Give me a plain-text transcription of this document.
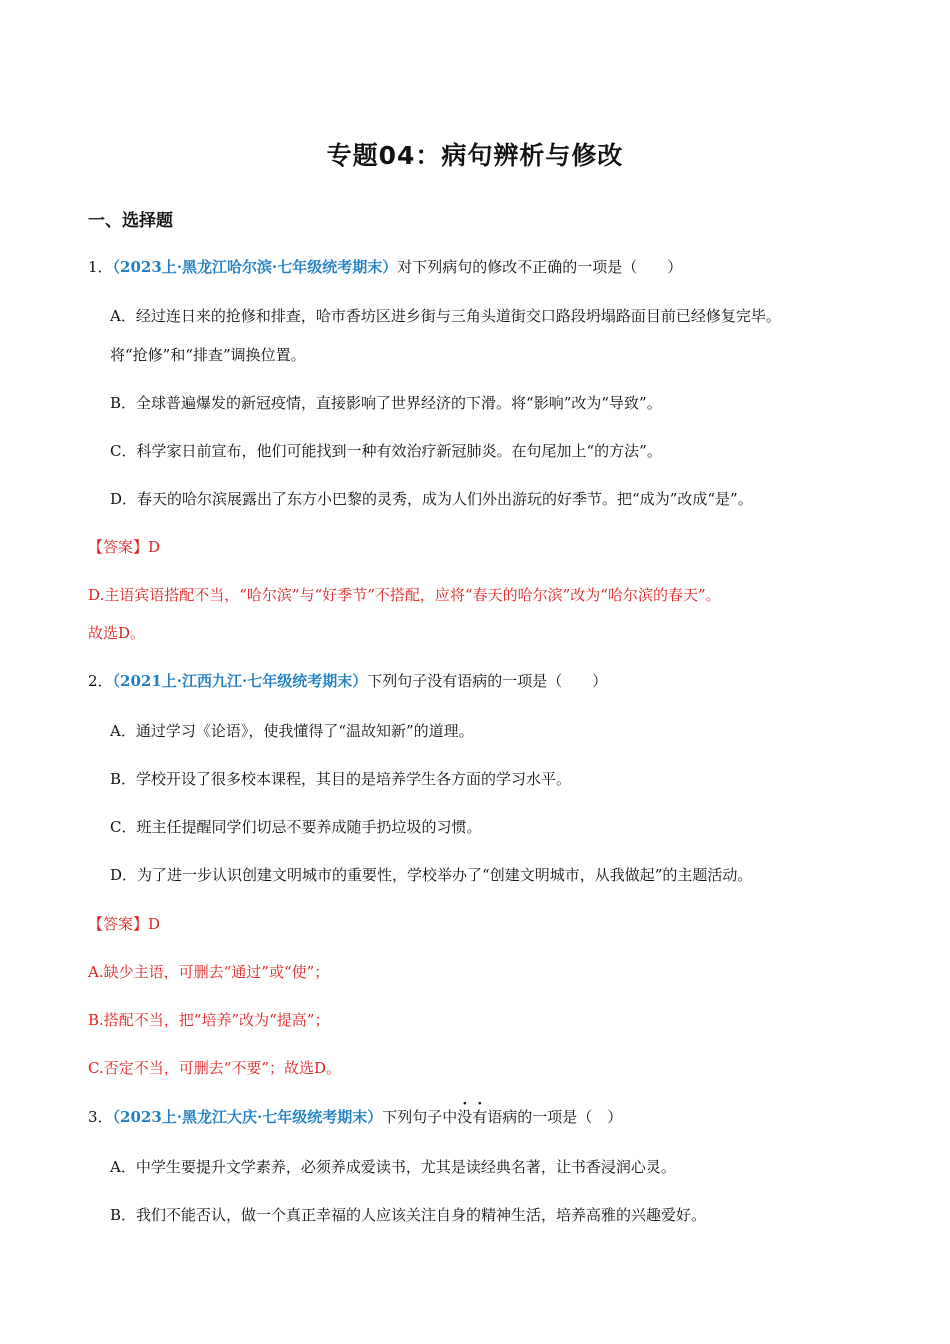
专题04：病句辨析与修改
一、选择题
1．（2023上·黑龙江哈尔滨·七年级统考期末）对下列病句的修改不正确的一项是（　　）
A．经过连日来的抢修和排查，哈市香坊区进乡街与三角头道街交口路段坍塌路面目前已经修复完毕。
将“抢修”和“排查”调换位置。
B．全球普遍爆发的新冠疫情，直接影响了世界经济的下滑。将“影响”改为“导致”。
C．科学家日前宣布，他们可能找到一种有效治疗新冠肺炎。在句尾加上“的方法”。
D．春天的哈尔滨展露出了东方小巴黎的灵秀，成为人们外出游玩的好季节。把“成为”改成“是”。
【答案】D
D.主语宾语搭配不当，“哈尔滨”与“好季节”不搭配，应将“春天的哈尔滨”改为“哈尔滨的春天”。
故选D。
2．（2021上·江西九江·七年级统考期末）下列句子没有语病的一项是（　　）
A．通过学习《论语》，使我懂得了“温故知新”的道理。
B．学校开设了很多校本课程，其目的是培养学生各方面的学习水平。
C．班主任提醒同学们切忌不要养成随手扔垃圾的习惯。
D．为了进一步认识创建文明城市的重要性，学校举办了“创建文明城市，从我做起”的主题活动。
【答案】D
A.缺少主语，可删去“通过”或“使”；
B.搭配不当，把“培养”改为“提高”；
C.否定不当，可删去“不要”；故选D。
3．（2023上·黑龙江大庆·七年级统考期末）下列句子中没有语病的一项是（　）
A．中学生要提升文学素养，必须养成爱读书，尤其是读经典名著，让书香浸润心灵。
B．我们不能否认，做一个真正幸福的人应该关注自身的精神生活，培养高雅的兴趣爱好。
